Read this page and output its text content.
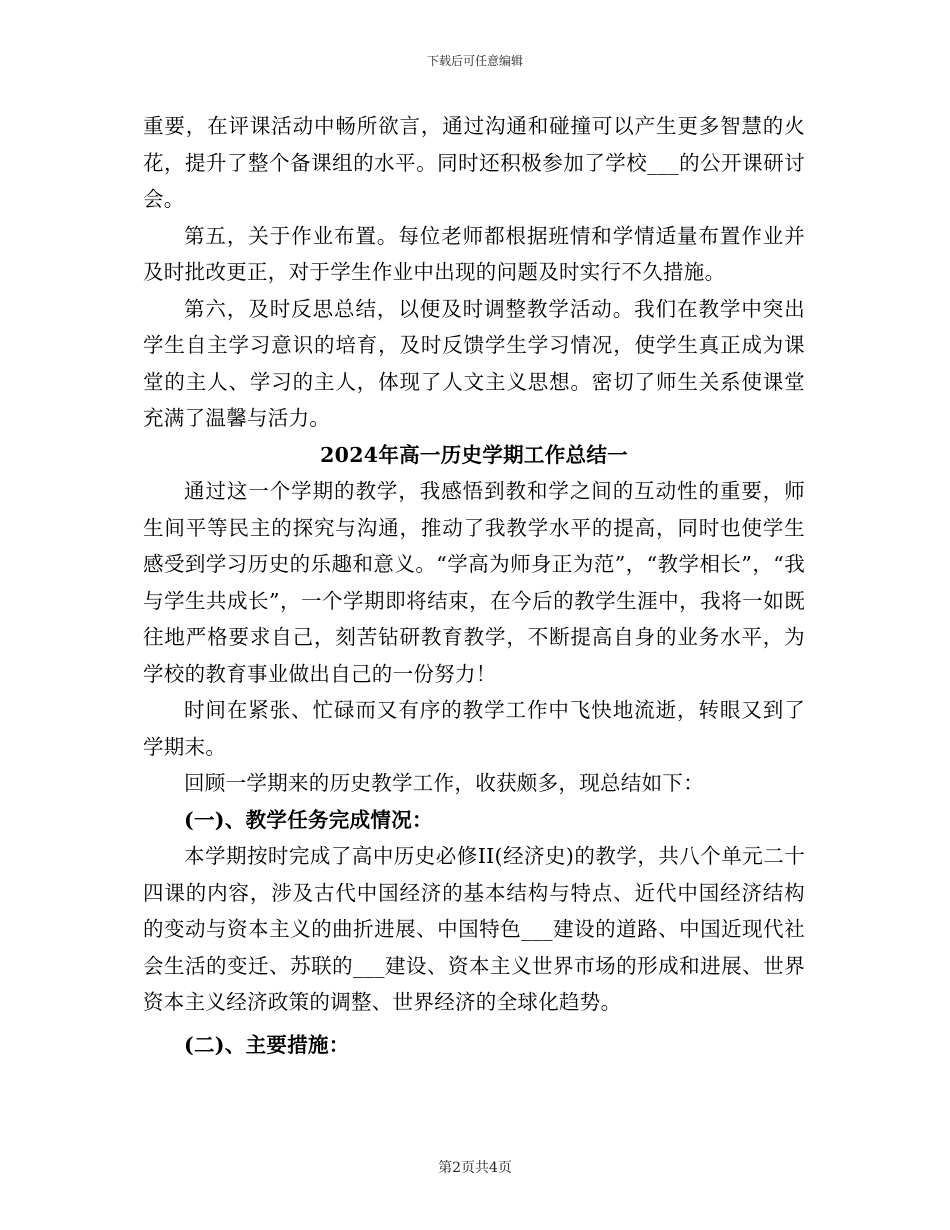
下载后可任意编辑

重要，在评课活动中畅所欲言，通过沟通和碰撞可以产生更多智慧的火花，提升了整个备课组的水平。同时还积极参加了学校___的公开课研讨会。

第五，关于作业布置。每位老师都根据班情和学情适量布置作业并及时批改更正，对于学生作业中出现的问题及时实行不久措施。

第六，及时反思总结，以便及时调整教学活动。我们在教学中突出学生自主学习意识的培育，及时反馈学生学习情况，使学生真正成为课堂的主人、学习的主人，体现了人文主义思想。密切了师生关系使课堂充满了温馨与活力。

2024年高一历史学期工作总结一

通过这一个学期的教学，我感悟到教和学之间的互动性的重要，师生间平等民主的探究与沟通，推动了我教学水平的提高，同时也使学生感受到学习历史的乐趣和意义。“学高为师身正为范”，“教学相长”，“我与学生共成长”，一个学期即将结束，在今后的教学生涯中，我将一如既往地严格要求自己，刻苦钻研教育教学，不断提高自身的业务水平，为学校的教育事业做出自己的一份努力！

时间在紧张、忙碌而又有序的教学工作中飞快地流逝，转眼又到了学期末。

回顾一学期来的历史教学工作，收获颇多，现总结如下：

(一)、教学任务完成情况：

本学期按时完成了高中历史必修II(经济史)的教学，共八个单元二十四课的内容，涉及古代中国经济的基本结构与特点、近代中国经济结构的变动与资本主义的曲折进展、中国特色___建设的道路、中国近现代社会生活的变迁、苏联的___建设、资本主义世界市场的形成和进展、世界资本主义经济政策的调整、世界经济的全球化趋势。

(二)、主要措施：

第2页共4页
